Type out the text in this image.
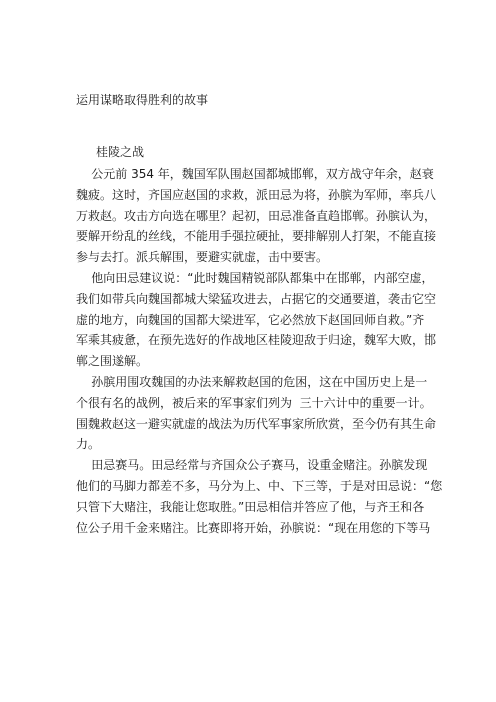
运用谋略取得胜利的故事
桂陵之战

公元前 354 年，魏国军队围赵国都城邯郸，双方战守年余，赵衰
魏疲。这时，齐国应赵国的求救，派田忌为将，孙膑为军师，率兵八
万救赵。攻击方向选在哪里？起初，田忌准备直趋邯郸。孙膑认为，
要解开纷乱的丝线，不能用手强拉硬扯，要排解别人打架，不能直接
参与去打。派兵解围，要避实就虚，击中要害。

他向田忌建议说：“此时魏国精锐部队都集中在邯郸，内部空虚，
我们如带兵向魏国都城大梁猛攻进去，占据它的交通要道，袭击它空
虚的地方，向魏国的国都大梁进军，它必然放下赵国回师自救。”齐
军乘其疲惫，在预先选好的作战地区桂陵迎敌于归途，魏军大败，邯
郸之围遂解。

孙膑用围攻魏国的办法来解救赵国的危困，这在中国历史上是一
个很有名的战例，被后来的军事家们列为  三十六计中的重要一计。
围魏救赵这一避实就虚的战法为历代军事家所欣赏，至今仍有其生命
力。

田忌赛马。田忌经常与齐国众公子赛马，设重金赌注。孙膑发现
他们的马脚力都差不多，马分为上、中、下三等，于是对田忌说：“您
只管下大赌注，我能让您取胜。”田忌相信并答应了他，与齐王和各
位公子用千金来赌注。比赛即将开始，孙膑说：“现在用您的下等马
